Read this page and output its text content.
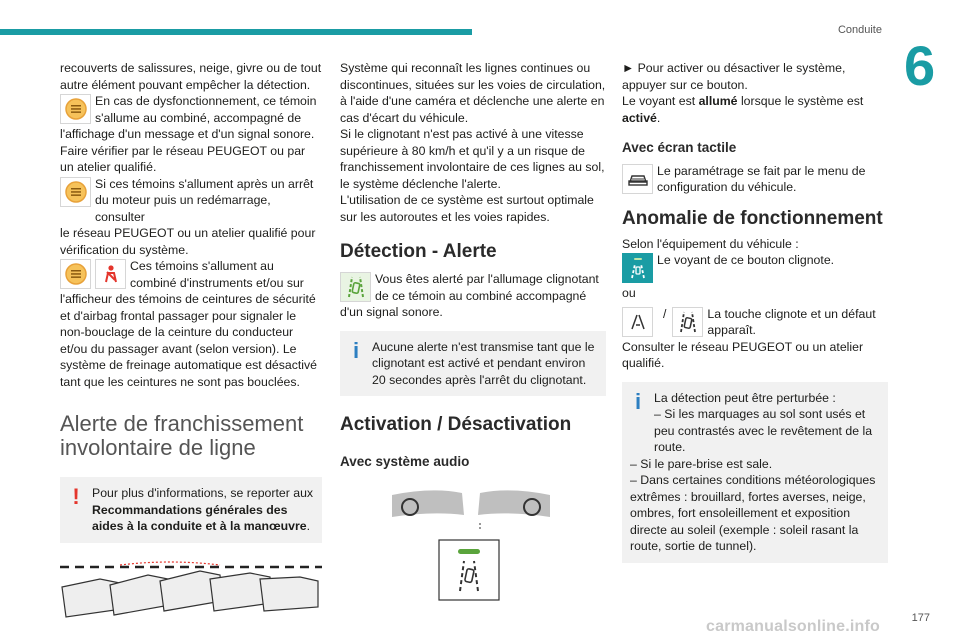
Conduite
6

recouverts de salissures, neige, givre ou de tout autre élément pouvant empêcher la détection.

En cas de dysfonctionnement, ce témoin s'allume au combiné, accompagné de

l'affichage d'un message et d'un signal sonore. Faire vérifier par le réseau PEUGEOT ou par un atelier qualifié.

Si ces témoins s'allument après un arrêt du moteur puis un redémarrage, consulter

le réseau PEUGEOT ou un atelier qualifié pour vérification du système.

Ces témoins s'allument au combiné d'instruments et/ou sur

l'afficheur des témoins de ceintures de sécurité et d'airbag frontal passager pour signaler le non-bouclage de la ceinture du conducteur et/ou du passager avant (selon version). Le système de freinage automatique est désactivé tant que les ceintures ne sont pas bouclées.

Alerte de franchissement involontaire de ligne
!	Pour plus d'informations, se reporter aux Recommandations générales des aides à la conduite et à la manœuvre.

Système qui reconnaît les lignes continues ou discontinues, situées sur les voies de circulation, à l'aide d'une caméra et déclenche une alerte en cas d'écart du véhicule.

Si le clignotant n'est pas activé à une vitesse supérieure à 80 km/h et qu'il y a un risque de franchissement involontaire de ces lignes au sol, le système déclenche l'alerte.

L'utilisation de ce système est surtout optimale sur les autoroutes et les voies rapides.

Détection - Alerte
Vous êtes alerté par l'allumage clignotant de ce témoin au combiné accompagné

d'un signal sonore.

i	Aucune alerte n'est transmise tant que le clignotant est activé et pendant environ 20 secondes après l'arrêt du clignotant.

Activation / Désactivation
Avec système audio

► Pour activer ou désactiver le système, appuyer sur ce bouton.

Le voyant est allumé lorsque le système est activé.

Avec écran tactile
Le paramétrage se fait par le menu de configuration du véhicule.
Anomalie de fonctionnement

Selon l'équipement du véhicule :

Le voyant de ce bouton clignote.

ou

/	La touche clignote et un défaut apparaît.

Consulter le réseau PEUGEOT ou un atelier qualifié.

i	La détection peut être perturbée :

– Si les marquages au sol sont usés et peu contrastés avec le revêtement de la route.

– Si le pare-brise est sale.

– Dans certaines conditions météorologiques extrêmes : brouillard, fortes averses, neige, ombres, fort ensoleillement et exposition directe au soleil (exemple : soleil rasant la route, sortie de tunnel).

carmanualsonline.info	177
